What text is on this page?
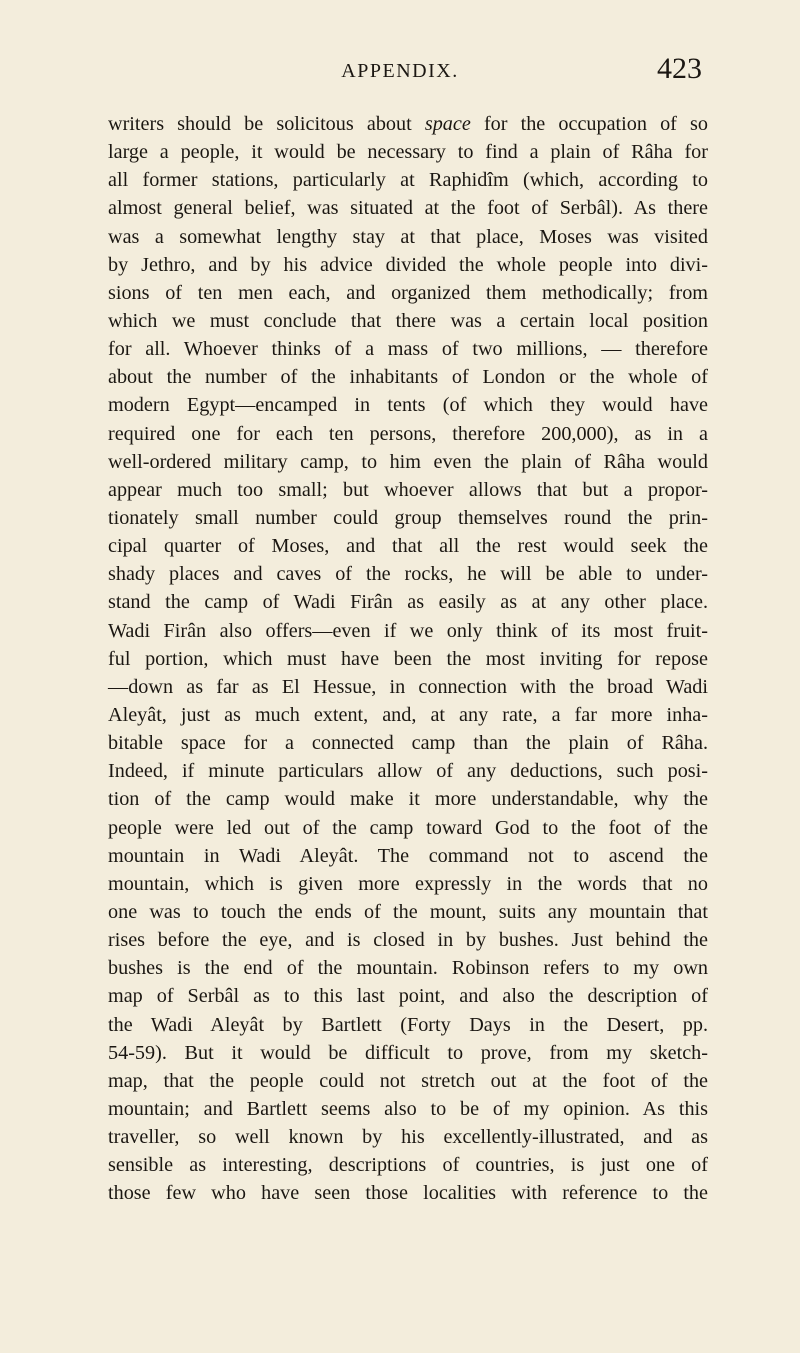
APPENDIX.	423
writers should be solicitous about space for the occupation of so
large a people, it would be necessary to find a plain of Râha for
all former stations, particularly at Raphidîm (which, according to
almost general belief, was situated at the foot of Serbâl). As there
was a somewhat lengthy stay at that place, Moses was visited
by Jethro, and by his advice divided the whole people into divi-
sions of ten men each, and organized them methodically; from
which we must conclude that there was a certain local position
for all. Whoever thinks of a mass of two millions, — therefore
about the number of the inhabitants of London or the whole of
modern Egypt—encamped in tents (of which they would have
required one for each ten persons, therefore 200,000), as in a
well-ordered military camp, to him even the plain of Râha would
appear much too small; but whoever allows that but a propor-
tionately small number could group themselves round the prin-
cipal quarter of Moses, and that all the rest would seek the
shady places and caves of the rocks, he will be able to under-
stand the camp of Wadi Firân as easily as at any other place.
Wadi Firân also offers—even if we only think of its most fruit-
ful portion, which must have been the most inviting for repose
—down as far as El Hessue, in connection with the broad Wadi
Aleyât, just as much extent, and, at any rate, a far more inha-
bitable space for a connected camp than the plain of Râha.
Indeed, if minute particulars allow of any deductions, such posi-
tion of the camp would make it more understandable, why the
people were led out of the camp toward God to the foot of the
mountain in Wadi Aleyât. The command not to ascend the
mountain, which is given more expressly in the words that no
one was to touch the ends of the mount, suits any mountain that
rises before the eye, and is closed in by bushes. Just behind the
bushes is the end of the mountain. Robinson refers to my own
map of Serbâl as to this last point, and also the description of
the Wadi Aleyât by Bartlett (Forty Days in the Desert, pp.
54-59). But it would be difficult to prove, from my sketch-
map, that the people could not stretch out at the foot of the
mountain; and Bartlett seems also to be of my opinion. As this
traveller, so well known by his excellently-illustrated, and as
sensible as interesting, descriptions of countries, is just one of
those few who have seen those localities with reference to the
